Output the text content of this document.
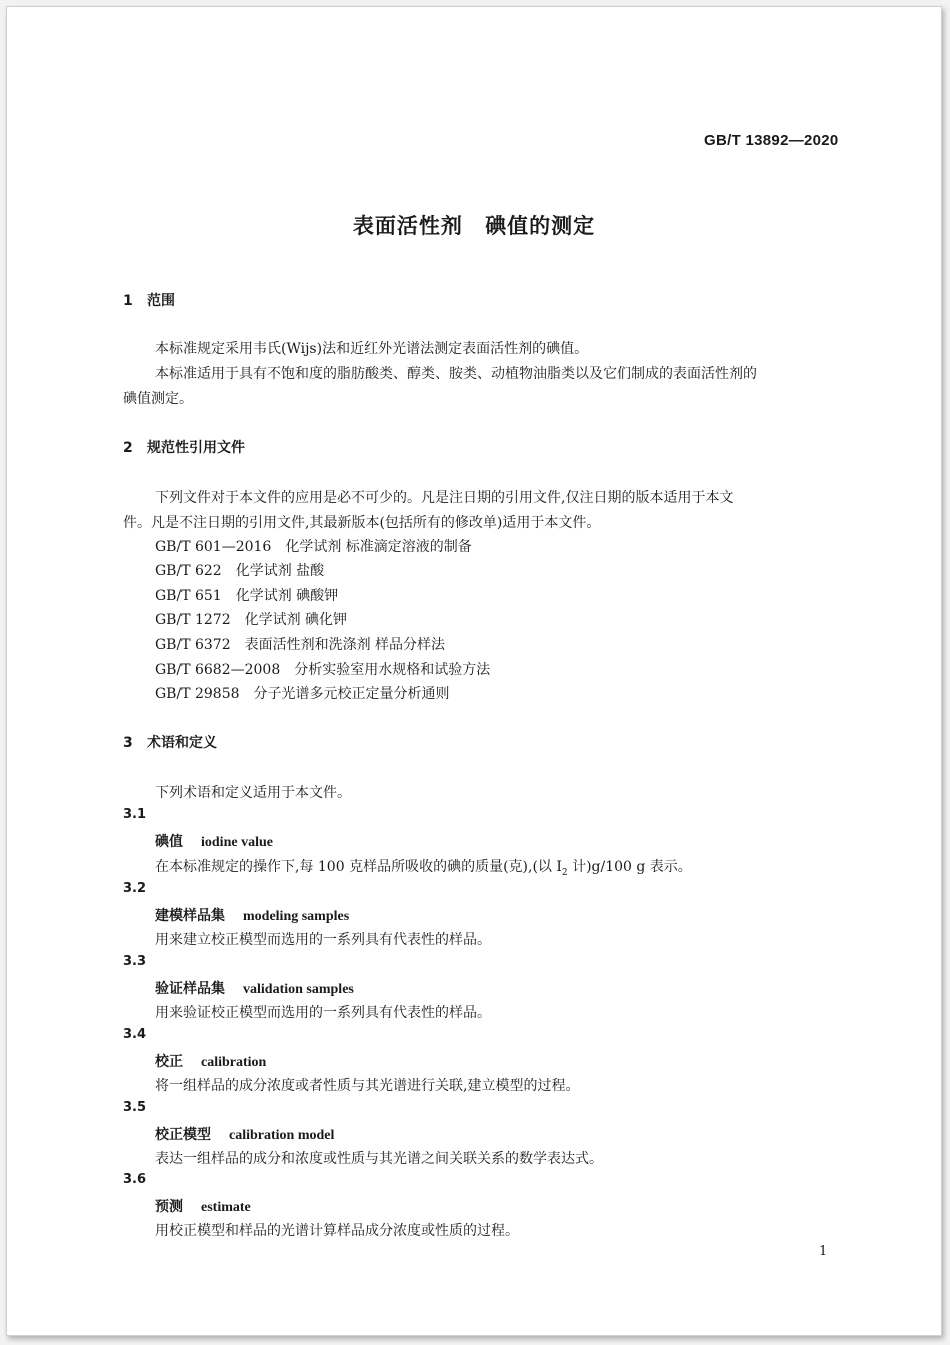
GB/T 13892—2020
表面活性剂 碘值的测定
1 范围
本标准规定采用韦氏(Wijs)法和近红外光谱法测定表面活性剂的碘值。
本标准适用于具有不饱和度的脂肪酸类、醇类、胺类、动植物油脂类以及它们制成的表面活性剂的
碘值测定。
2 规范性引用文件
下列文件对于本文件的应用是必不可少的。凡是注日期的引用文件,仅注日期的版本适用于本文
件。凡是不注日期的引用文件,其最新版本(包括所有的修改单)适用于本文件。
GB/T 601—2016 化学试剂 标准滴定溶液的制备
GB/T 622 化学试剂 盐酸
GB/T 651 化学试剂 碘酸钾
GB/T 1272 化学试剂 碘化钾
GB/T 6372 表面活性剂和洗涤剂 样品分样法
GB/T 6682—2008 分析实验室用水规格和试验方法
GB/T 29858 分子光谱多元校正定量分析通则
3 术语和定义
下列术语和定义适用于本文件。
3.1
碘值 iodine value
在本标准规定的操作下,每 100 克样品所吸收的碘的质量(克),(以 $I_2$ 计)g/100 g 表示。
3.2
建模样品集 modeling samples
用来建立校正模型而选用的一系列具有代表性的样品。
3.3
验证样品集 validation samples
用来验证校正模型而选用的一系列具有代表性的样品。
3.4
校正 calibration
将一组样品的成分浓度或者性质与其光谱进行关联,建立模型的过程。
3.5
校正模型 calibration model
表达一组样品的成分和浓度或性质与其光谱之间关联关系的数学表达式。
3.6
预测 estimate
用校正模型和样品的光谱计算样品成分浓度或性质的过程。
1
